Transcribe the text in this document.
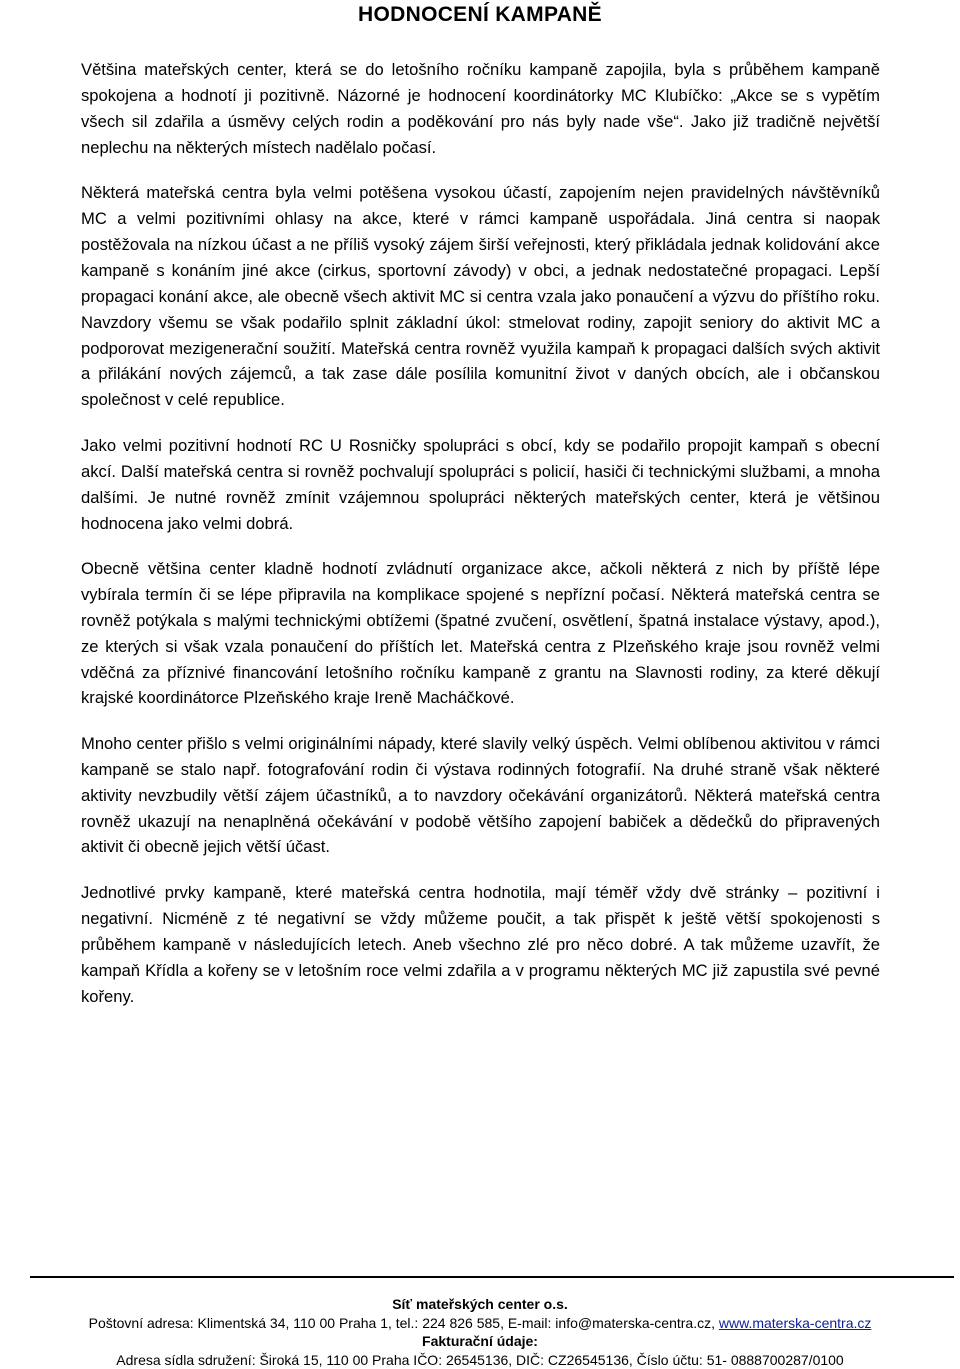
HODNOCENÍ KAMPANĚ

Většina mateřských center, která se do letošního ročníku kampaně zapojila, byla s průběhem kampaně spokojena a hodnotí ji pozitivně. Názorné je hodnocení koordinátorky MC Klubíčko: „Akce se s vypětím všech sil zdařila a úsměvy celých rodin a poděkování pro nás byly nade vše“. Jako již tradičně největší neplechu na některých místech nadělalo počasí.

Některá mateřská centra byla velmi potěšena vysokou účastí, zapojením nejen pravidelných návštěvníků MC a velmi pozitivními ohlasy na akce, které v rámci kampaně uspořádala. Jiná centra si naopak postěžovala na nízkou účast a ne příliš vysoký zájem širší veřejnosti, který přikládala jednak kolidování akce kampaně s konáním jiné akce (cirkus, sportovní závody) v obci, a jednak nedostatečné propagaci. Lepší propagaci konání akce, ale obecně všech aktivit MC si centra vzala jako ponaučení a výzvu do příštího roku. Navzdory všemu se však podařilo splnit základní úkol: stmelovat rodiny, zapojit seniory do aktivit MC a podporovat mezigenerační soužití. Mateřská centra rovněž využila kampaň k propagaci dalších svých aktivit a přilákání nových zájemců, a tak zase dále posílila komunitní život v daných obcích, ale i občanskou společnost v celé republice.

Jako velmi pozitivní hodnotí RC U Rosničky spolupráci s obcí, kdy se podařilo propojit kampaň s obecní akcí. Další mateřská centra si rovněž pochvalují spolupráci s policií, hasiči či technickými službami, a mnoha dalšími. Je nutné rovněž zmínit vzájemnou spolupráci některých mateřských center, která je většinou hodnocena jako velmi dobrá.

Obecně většina center kladně hodnotí zvládnutí organizace akce, ačkoli některá z nich by příště lépe vybírala termín či se lépe připravila na komplikace spojené s nepřízní počasí. Některá mateřská centra se rovněž potýkala s malými technickými obtížemi (špatné zvučení, osvětlení, špatná instalace výstavy, apod.), ze kterých si však vzala ponaučení do příštích let. Mateřská centra z Plzeňského kraje jsou rovněž velmi vděčná za příznivé financování letošního ročníku kampaně z grantu na Slavnosti rodiny, za které děkují krajské koordinátorce Plzeňského kraje Ireně Macháčkové.

Mnoho center přišlo s velmi originálními nápady, které slavily velký úspěch. Velmi oblíbenou aktivitou v rámci kampaně se stalo např. fotografování rodin či výstava rodinných fotografií. Na druhé straně však některé aktivity nevzbudily větší zájem účastníků, a to navzdory očekávání organizátorů. Některá mateřská centra rovněž ukazují na nenaplněná očekávání v podobě většího zapojení babiček a dědečků do připravených aktivit či obecně jejich větší účast.

Jednotlivé prvky kampaně, které mateřská centra hodnotila, mají téměř vždy dvě stránky – pozitivní i negativní. Nicméně z té negativní se vždy můžeme poučit, a tak přispět k ještě větší spokojenosti s průběhem kampaně v následujících letech. Aneb všechno zlé pro něco dobré. A tak můžeme uzavřít, že kampaň Křídla a kořeny se v letošním roce velmi zdařila a v programu některých MC již zapustila své pevné kořeny.

Síť mateřských center o.s.
Poštovní adresa: Klimentská 34, 110 00 Praha 1, tel.: 224 826 585, E-mail: info@materska-centra.cz, www.materska-centra.cz
Fakturační údaje:
Adresa sídla sdružení: Široká 15, 110 00 Praha IČO: 26545136, DIČ: CZ26545136, Číslo účtu: 51- 0888700287/0100
